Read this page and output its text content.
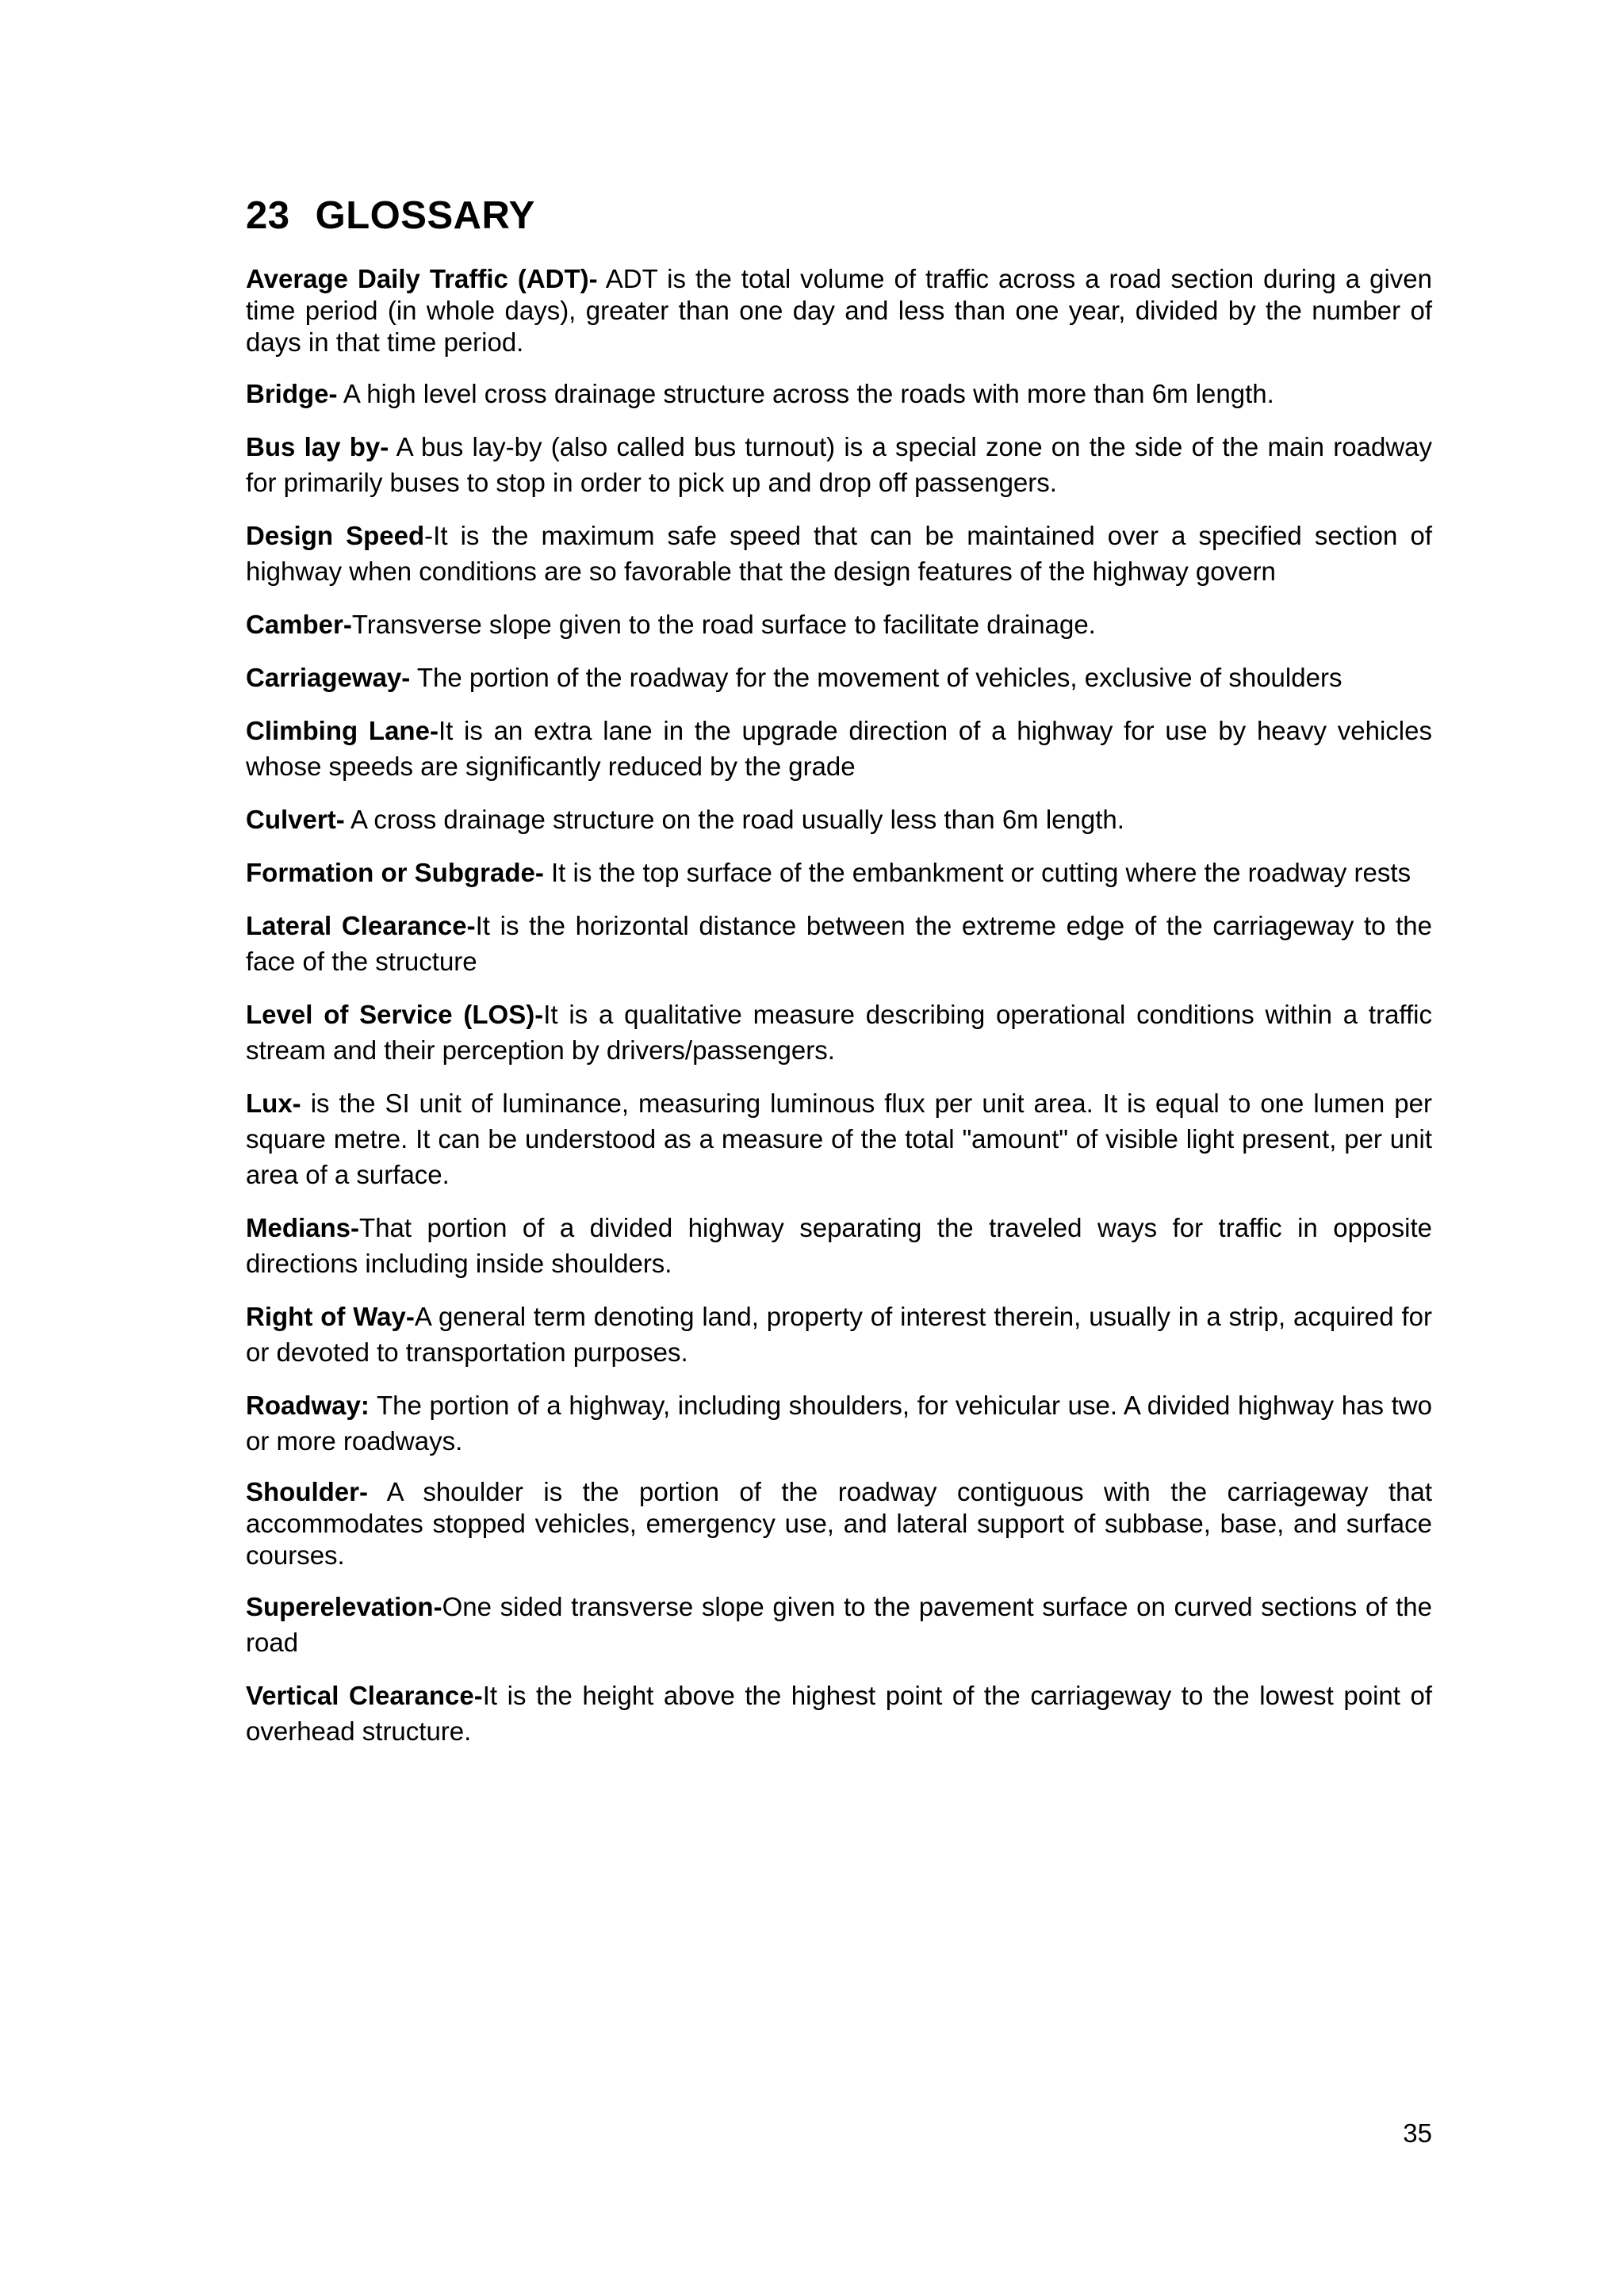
23 GLOSSARY

Average Daily Traffic (ADT)- ADT is the total volume of traffic across a road section during a given time period (in whole days), greater than one day and less than one year, divided by the number of days in that time period.

Bridge- A high level cross drainage structure across the roads with more than 6m length.

Bus lay by- A bus lay-by (also called bus turnout) is a special zone on the side of the main roadway for primarily buses to stop in order to pick up and drop off passengers.

Design Speed-It is the maximum safe speed that can be maintained over a specified section of highway when conditions are so favorable that the design features of the highway govern

Camber-Transverse slope given to the road surface to facilitate drainage.

Carriageway- The portion of the roadway for the movement of vehicles, exclusive of shoulders

Climbing Lane-It is an extra lane in the upgrade direction of a highway for use by heavy vehicles whose speeds are significantly reduced by the grade

Culvert- A cross drainage structure on the road usually less than 6m length.

Formation or Subgrade- It is the top surface of the embankment or cutting where the roadway rests

Lateral Clearance-It is the horizontal distance between the extreme edge of the carriageway to the face of the structure

Level of Service (LOS)-It is a qualitative measure describing operational conditions within a traffic stream and their perception by drivers/passengers.

Lux- is the SI unit of luminance, measuring luminous flux per unit area. It is equal to one lumen per square metre. It can be understood as a measure of the total "amount" of visible light present, per unit area of a surface.

Medians-That portion of a divided highway separating the traveled ways for traffic in opposite directions including inside shoulders.

Right of Way-A general term denoting land, property of interest therein, usually in a strip, acquired for or devoted to transportation purposes.

Roadway: The portion of a highway, including shoulders, for vehicular use. A divided highway has two or more roadways.

Shoulder- A shoulder is the portion of the roadway contiguous with the carriageway that accommodates stopped vehicles, emergency use, and lateral support of subbase, base, and surface courses.

Superelevation-One sided transverse slope given to the pavement surface on curved sections of the road

Vertical Clearance-It is the height above the highest point of the carriageway to the lowest point of overhead structure.

35
